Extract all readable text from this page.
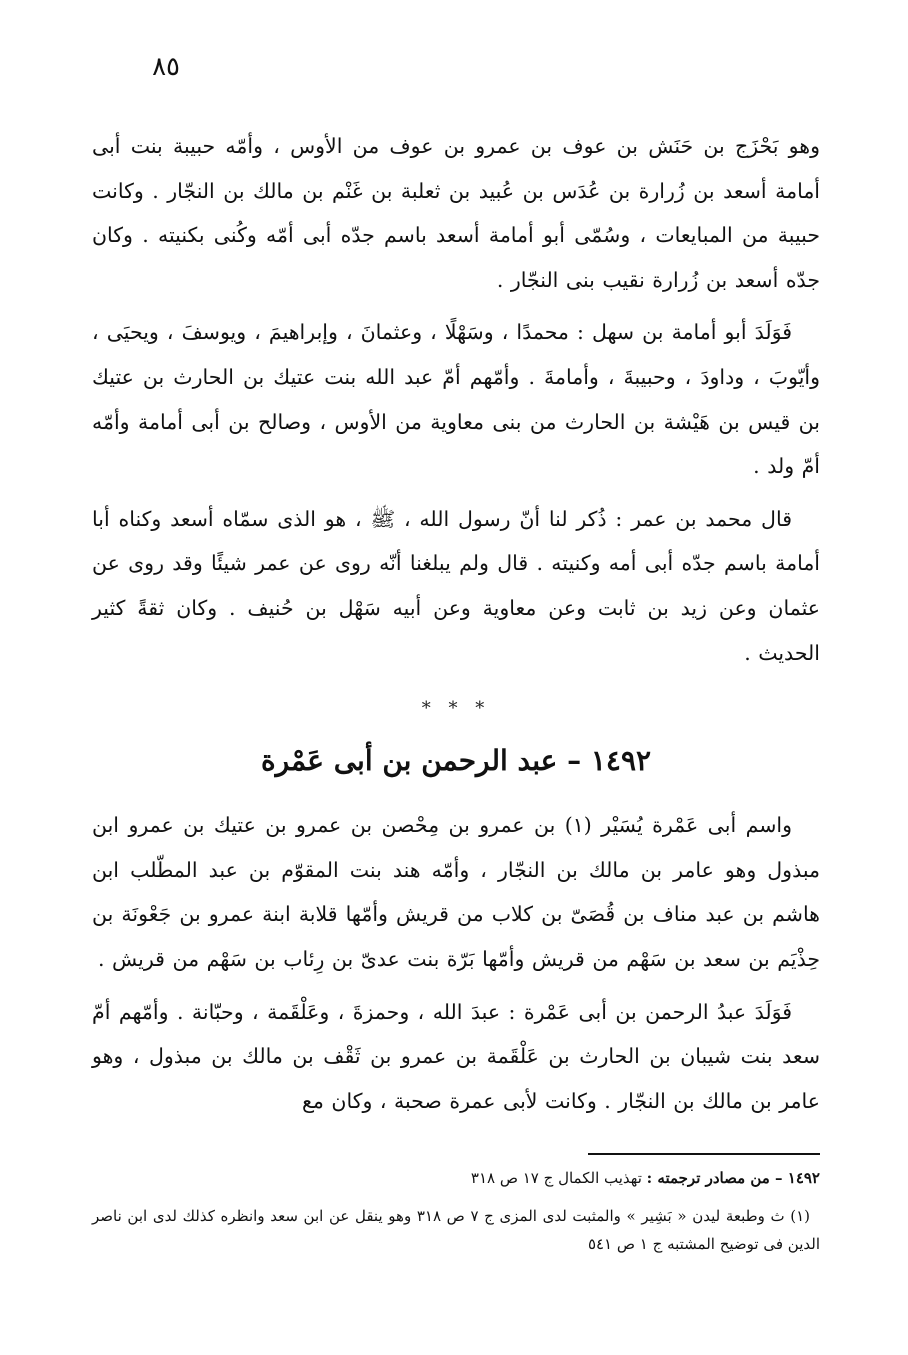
٨٥

وهو بَحْزَج بن حَنَش بن عوف بن عمرو بن عوف من الأوس ، وأمّه حبيبة بنت أبى أمامة أسعد بن زُرارة بن عُدَس بن عُبيد بن ثعلبة بن غَنْم بن مالك بن النجّار . وكانت حبيبة من المبايعات ، وسُمّى أبو أمامة أسعد باسم جدّه أبى أمّه وكُنى بكنيته . وكان جدّه أسعد بن زُرارة نقيب بنى النجّار .

فَوَلَدَ أبو أمامة بن سهل : محمدًا ، وسَهْلًا ، وعثمانَ ، وإبراهيمَ ، ويوسفَ ، ويحيَى ، وأيّوبَ ، وداودَ ، وحبيبةَ ، وأمامةَ . وأمّهم أمّ عبد الله بنت عتيك بن الحارث بن عتيك بن قيس بن هَيْشة بن الحارث من بنى معاوية من الأوس ، وصالح بن أبى أمامة وأمّه أمّ ولد .

قال محمد بن عمر : ذُكر لنا أنّ رسول الله ، ﷺ ، هو الذى سمّاه أسعد وكناه أبا أمامة باسم جدّه أبى أمه وكنيته . قال ولم يبلغنا أنّه روى عن عمر شيئًا وقد روى عن عثمان وعن زيد بن ثابت وعن معاوية وعن أبيه سَهْل بن حُنيف . وكان ثقةً كثير الحديث .

* * *
١٤٩٢ – عبد الرحمن بن أبى عَمْرة

واسم أبى عَمْرة يُسَيْر (١) بن عمرو بن مِحْصن بن عمرو بن عتيك بن عمرو ابن مبذول وهو عامر بن مالك بن النجّار ، وأمّه هند بنت المقوّم بن عبد المطّلب ابن هاشم بن عبد مناف بن قُصَىّ بن كلاب من قريش وأمّها قلابة ابنة عمرو بن جَعْونَة بن حِذْيَم بن سعد بن سَهْم من قريش وأمّها بَرّة بنت عدىّ بن رِئاب بن سَهْم من قريش .

فَوَلَدَ عبدُ الرحمن بن أبى عَمْرة : عبدَ الله ، وحمزةَ ، وعَلْقَمة ، وحبّانة . وأمّهم أمّ سعد بنت شيبان بن الحارث بن عَلْقَمة بن عمرو بن ثَقْف بن مالك بن مبذول ، وهو عامر بن مالك بن النجّار . وكانت لأبى عمرة صحبة ، وكان مع

١٤٩٢ – من مصادر ترجمته : تهذيب الكمال ج ١٧ ص ٣١٨

(١) ث وطبعة ليدن « بَشِير » والمثبت لدى المزى ج ٧ ص ٣١٨ وهو ينقل عن ابن سعد وانظره كذلك لدى ابن ناصر الدين فى توضيح المشتبه ج ١ ص ٥٤١
